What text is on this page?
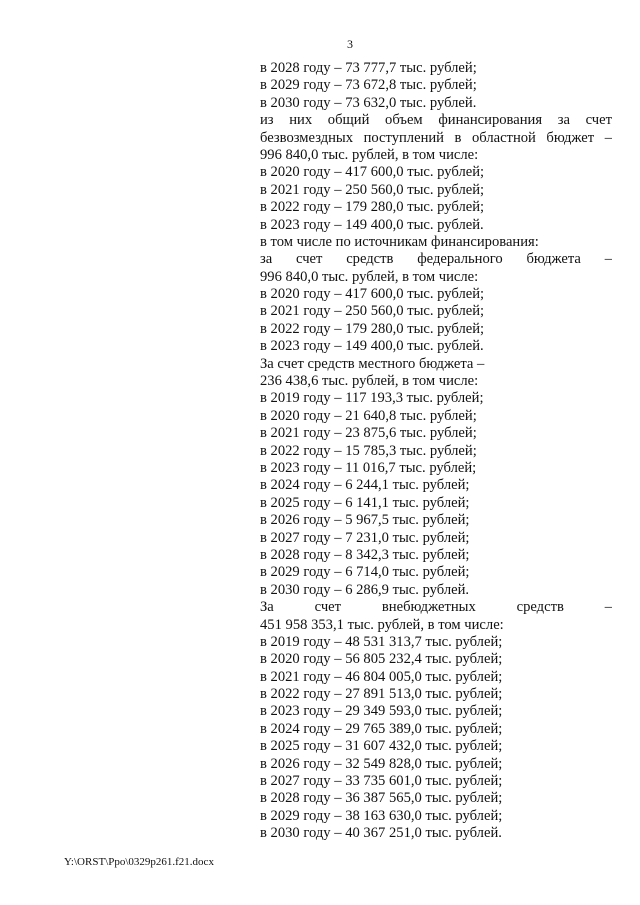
3
в 2028 году – 73 777,7 тыс. рублей;
в 2029 году – 73 672,8 тыс. рублей;
в 2030 году – 73 632,0 тыс. рублей.
из них общий объем финансирования за счет
безвозмездных поступлений в областной бюджет –
996 840,0 тыс. рублей, в том числе:
в 2020 году – 417 600,0 тыс. рублей;
в 2021 году – 250 560,0 тыс. рублей;
в 2022 году – 179 280,0 тыс. рублей;
в 2023 году – 149 400,0 тыс. рублей.
в том числе по источникам финансирования:
за счет средств федерального бюджета –
996 840,0 тыс. рублей, в том числе:
в 2020 году – 417 600,0 тыс. рублей;
в 2021 году – 250 560,0 тыс. рублей;
в 2022 году – 179 280,0 тыс. рублей;
в 2023 году – 149 400,0 тыс. рублей.
За счет средств местного бюджета –
236 438,6 тыс. рублей, в том числе:
в 2019 году – 117 193,3 тыс. рублей;
в 2020 году – 21 640,8 тыс. рублей;
в 2021 году – 23 875,6 тыс. рублей;
в 2022 году – 15 785,3 тыс. рублей;
в 2023 году – 11 016,7 тыс. рублей;
в 2024 году – 6 244,1 тыс. рублей;
в 2025 году – 6 141,1 тыс. рублей;
в 2026 году – 5 967,5 тыс. рублей;
в 2027 году – 7 231,0 тыс. рублей;
в 2028 году – 8 342,3 тыс. рублей;
в 2029 году – 6 714,0 тыс. рублей;
в 2030 году – 6 286,9 тыс. рублей.
За счет внебюджетных средств –
451 958 353,1 тыс. рублей, в том числе:
в 2019 году – 48 531 313,7 тыс. рублей;
в 2020 году – 56 805 232,4 тыс. рублей;
в 2021 году – 46 804 005,0 тыс. рублей;
в 2022 году – 27 891 513,0 тыс. рублей;
в 2023 году – 29 349 593,0 тыс. рублей;
в 2024 году – 29 765 389,0 тыс. рублей;
в 2025 году – 31 607 432,0 тыс. рублей;
в 2026 году – 32 549 828,0 тыс. рублей;
в 2027 году – 33 735 601,0 тыс. рублей;
в 2028 году – 36 387 565,0 тыс. рублей;
в 2029 году – 38 163 630,0 тыс. рублей;
в 2030 году – 40 367 251,0 тыс. рублей.
Y:\ORST\Ppo\0329p261.f21.docx
